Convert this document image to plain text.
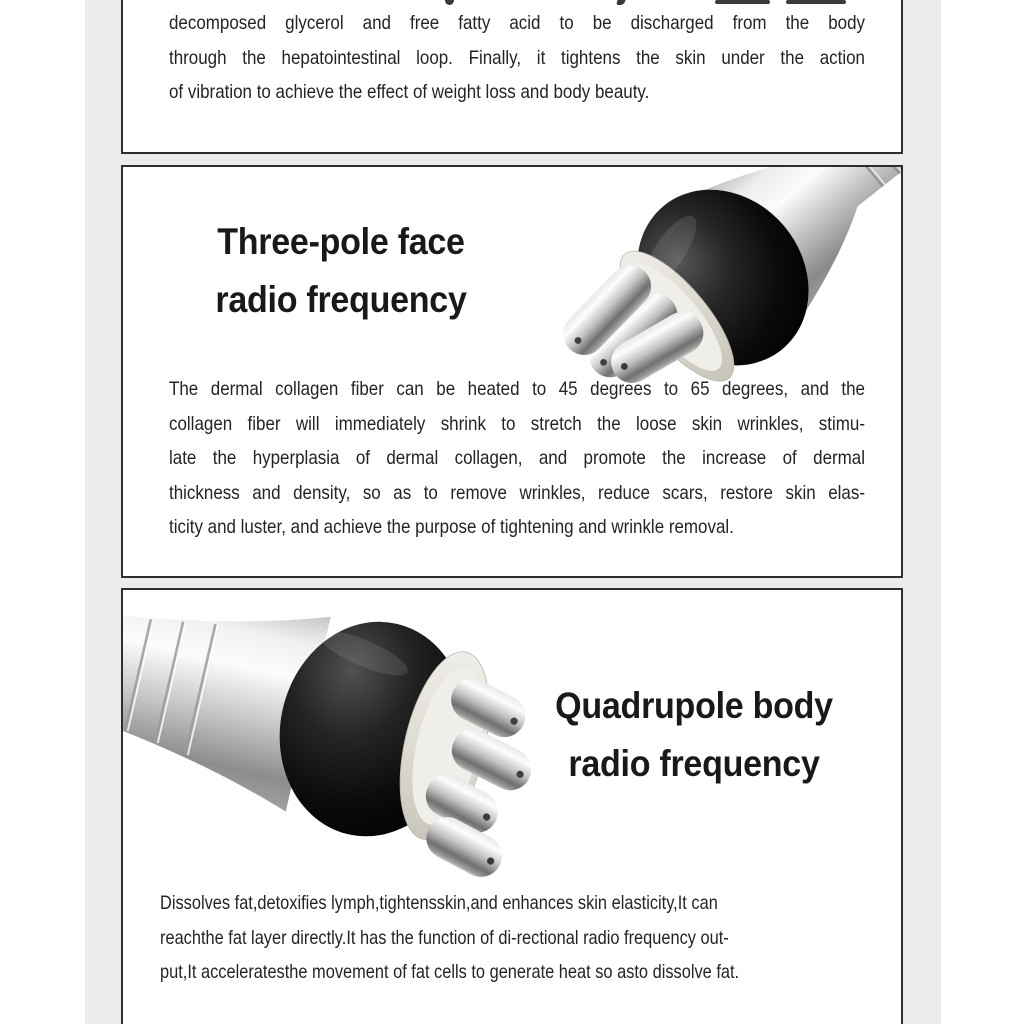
decomposed glycerol and free fatty acid to be discharged from the body
through the hepatointestinal loop. Finally, it tightens the skin under the action
of vibration to achieve the effect of weight loss and body beauty.
Three-pole face
radio frequency
The dermal collagen fiber can be heated to 45 degrees to 65 degrees, and the
collagen fiber will immediately shrink to stretch the loose skin wrinkles, stimu-
late the hyperplasia of dermal collagen, and promote the increase of dermal
thickness and density, so as to remove wrinkles, reduce scars, restore skin elas-
ticity and luster, and achieve the purpose of tightening and wrinkle removal.
Quadrupole body
radio frequency
Dissolves fat,detoxifies lymph,tightensskin,and enhances skin elasticity,It can
reachthe fat layer directly.It has the function of di-rectional radio frequency out-
put,It acceleratesthe movement of fat cells to generate heat so asto dissolve fat.
